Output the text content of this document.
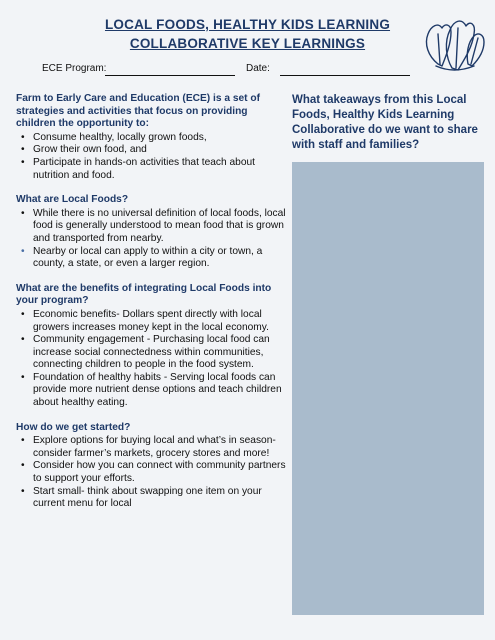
LOCAL FOODS, HEALTHY KIDS LEARNING
COLLABORATIVE KEY LEARNINGS
ECE Program:	Date:

Farm to Early Care and Education (ECE) is a set of strategies and activities that focus on providing children the opportunity to:

• Consume healthy, locally grown foods,
• Grow their own food, and
• Participate in hands-on activities that teach about nutrition and food.

What are Local Foods?

• While there is no universal definition of local foods, local food is generally understood to mean food that is grown and transported from nearby.
• Nearby or local can apply to within a city or town, a county, a state, or even a larger region.

What are the benefits of integrating Local Foods into your program?

• Economic benefits- Dollars spent directly with local growers increases money kept in the local economy.
• Community engagement - Purchasing local food can increase social connectedness within communities, connecting children to people in the food system.
• Foundation of healthy habits - Serving local foods can provide more nutrient dense options and teach children about healthy eating.

How do we get started?

• Explore options for buying local and what’s in season- consider farmer’s markets, grocery stores and more!
• Consider how you can connect with community partners to support your efforts.
• Start small- think about swapping one item on your current menu for local
What takeaways from this Local Foods, Healthy Kids Learning Collaborative do we want to share with staff and families?
